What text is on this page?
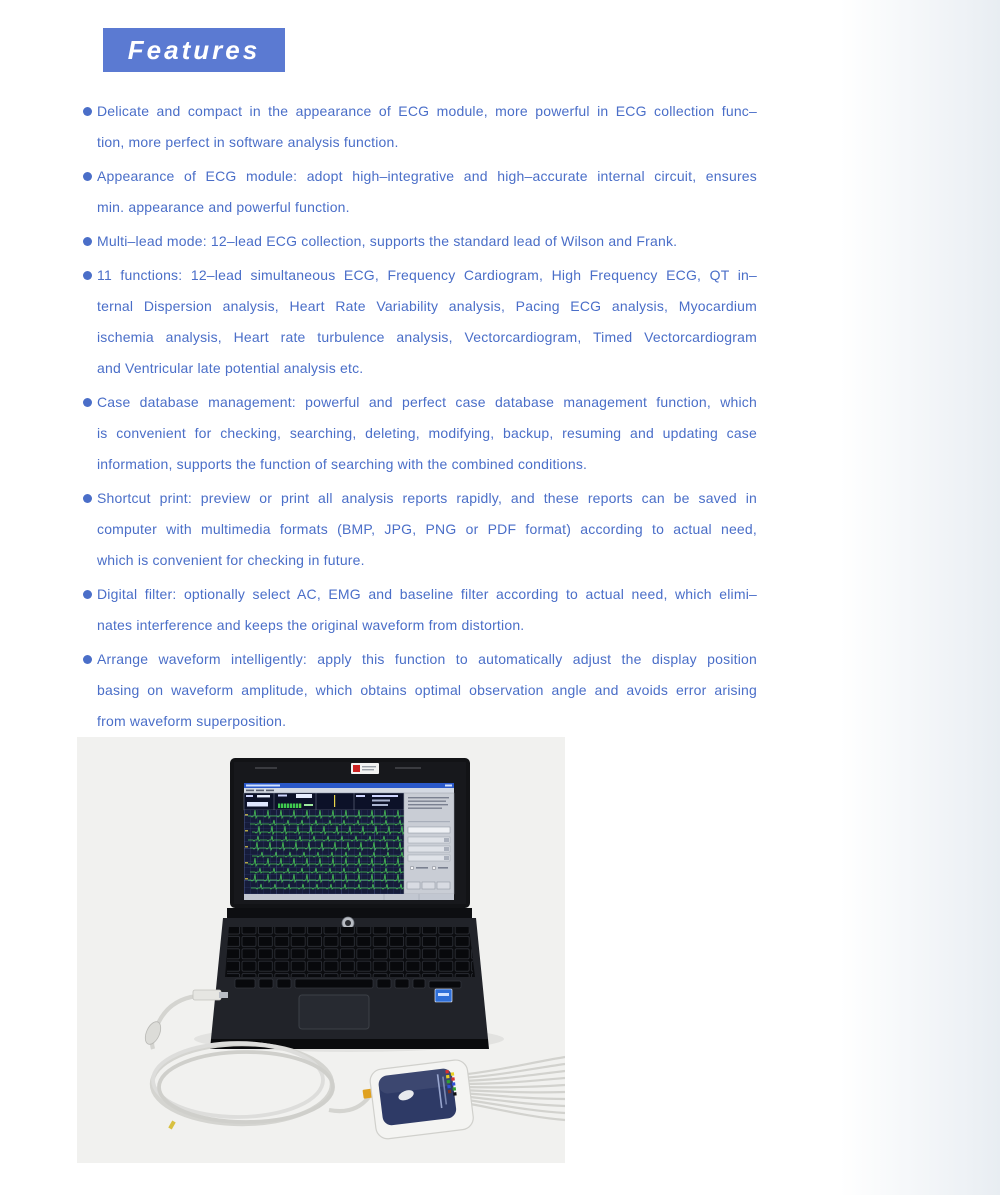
Features
Delicate and compact in the appearance of ECG module, more powerful in ECG collection func–
tion, more perfect in software analysis function.
Appearance of ECG module: adopt high–integrative and high–accurate internal circuit, ensures
min. appearance and powerful function.
Multi–lead mode: 12–lead ECG collection, supports the standard lead of Wilson and Frank.
11 functions: 12–lead simultaneous ECG, Frequency Cardiogram, High Frequency ECG, QT in–
ternal Dispersion analysis, Heart Rate Variability analysis, Pacing ECG analysis, Myocardium
ischemia analysis, Heart rate turbulence analysis, Vectorcardiogram, Timed Vectorcardiogram
and Ventricular late potential analysis etc.
Case database management: powerful and perfect case database management function, which
is convenient for checking, searching, deleting, modifying, backup, resuming and updating case
information, supports the function of searching with the combined conditions.
Shortcut print: preview or print all analysis reports rapidly, and these reports can be saved in
computer with multimedia formats (BMP, JPG, PNG or PDF format) according to actual need,
which is convenient for checking in future.
Digital filter: optionally select AC, EMG and baseline filter according to actual need, which elimi–
nates interference and keeps the original waveform from distortion.
Arrange waveform intelligently: apply this function to automatically adjust the display position
basing on waveform amplitude, which obtains optimal observation angle and avoids error arising
from waveform superposition.
